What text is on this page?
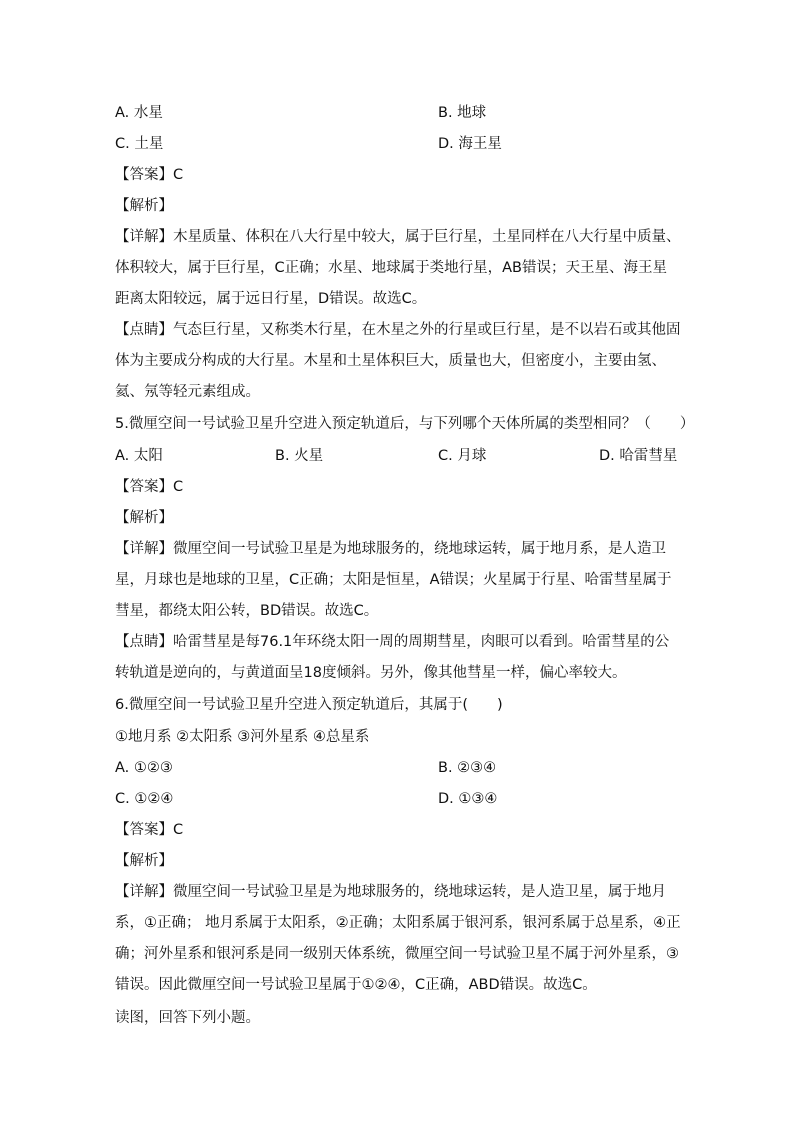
A. 水星	B. 地球
C. 土星	D. 海王星
【答案】C
【解析】
【详解】木星质量、体积在八大行星中较大，属于巨行星，土星同样在八大行星中质量、体积较大，属于巨行星，C正确；水星、地球属于类地行星，AB错误；天王星、海王星距离太阳较远，属于远日行星，D错误。故选C。
【点睛】气态巨行星，又称类木行星，在木星之外的行星或巨行星，是不以岩石或其他固体为主要成分构成的大行星。木星和土星体积巨大，质量也大，但密度小，主要由氢、氦、氖等轻元素组成。
5.微厘空间一号试验卫星升空进入预定轨道后，与下列哪个天体所属的类型相同？（　　）
A. 太阳	B. 火星	C. 月球	D. 哈雷彗星
【答案】C
【解析】
【详解】微厘空间一号试验卫星是为地球服务的，绕地球运转，属于地月系，是人造卫星，月球也是地球的卫星，C正确；太阳是恒星，A错误；火星属于行星、哈雷彗星属于彗星，都绕太阳公转，BD错误。故选C。
【点睛】哈雷彗星是每76.1年环绕太阳一周的周期彗星，肉眼可以看到。哈雷彗星的公转轨道是逆向的，与黄道面呈18度倾斜。另外，像其他彗星一样，偏心率较大。
6.微厘空间一号试验卫星升空进入预定轨道后，其属于(　　)
①地月系 ②太阳系 ③河外星系 ④总星系
A. ①②③	B. ②③④
C. ①②④	D. ①③④
【答案】C
【解析】
【详解】微厘空间一号试验卫星是为地球服务的，绕地球运转，是人造卫星，属于地月系，①正确； 地月系属于太阳系，②正确；太阳系属于银河系，银河系属于总星系，④正确；河外星系和银河系是同一级别天体系统，微厘空间一号试验卫星不属于河外星系，③错误。因此微厘空间一号试验卫星属于①②④，C正确，ABD错误。故选C。
读图，回答下列小题。
